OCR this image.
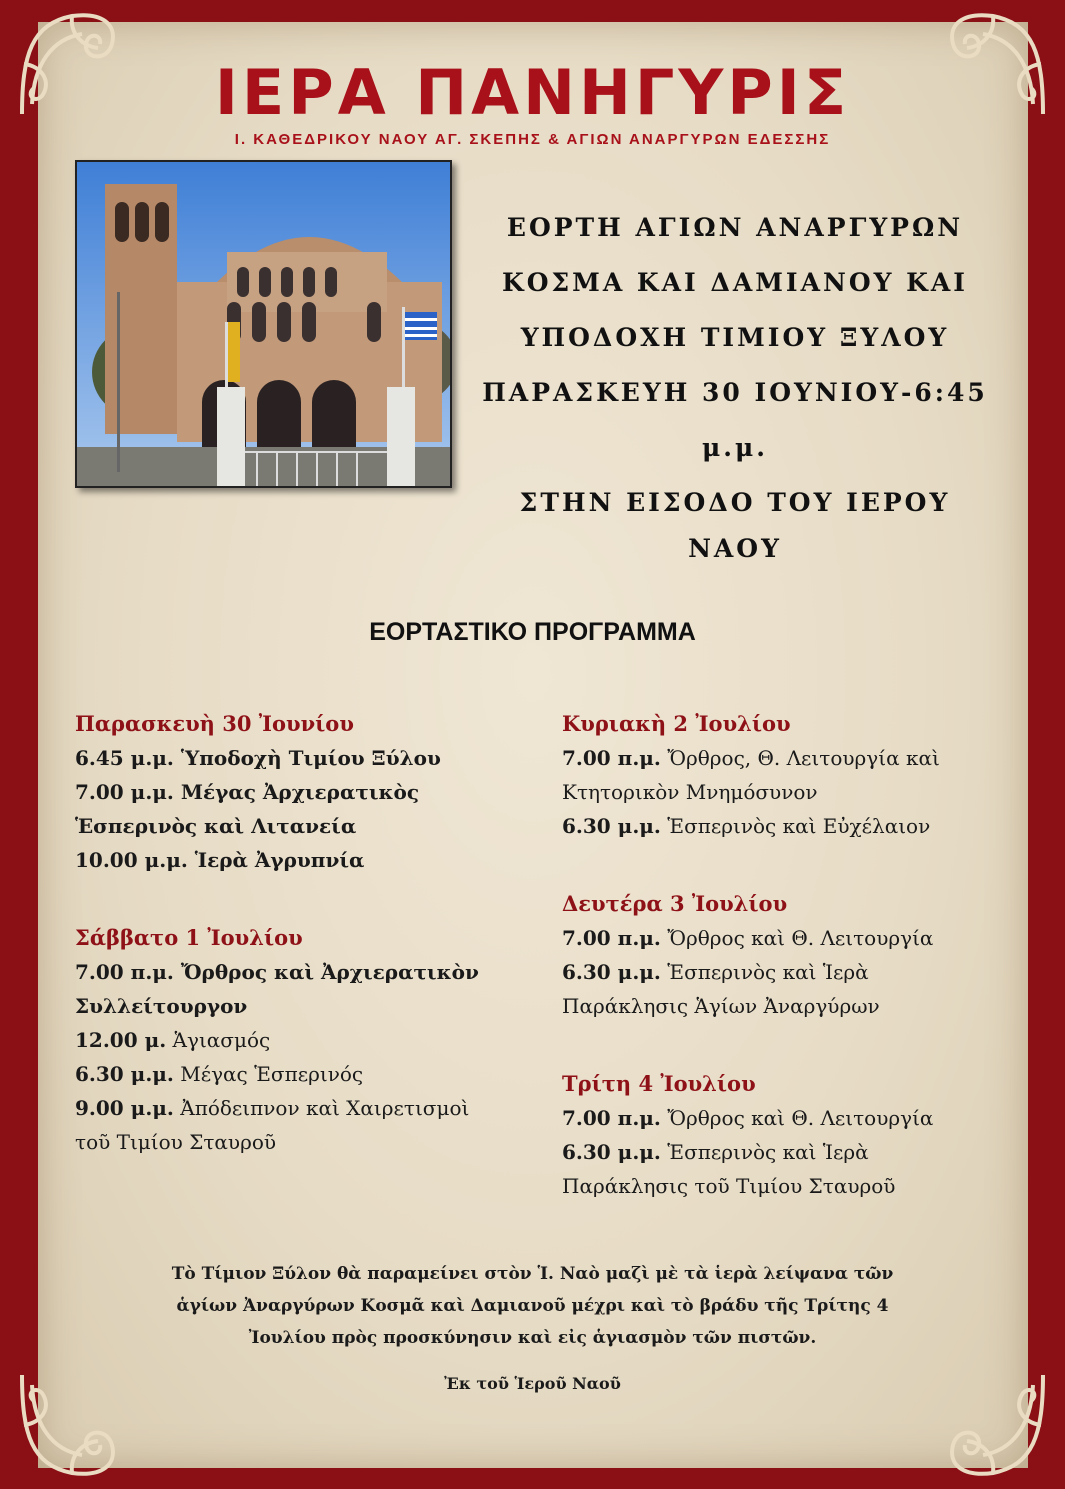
ΙΕΡΑ ΠΑΝΗΓΥΡΙΣ
Ι. ΚΑΘΕΔΡΙΚΟΥ ΝΑΟΥ ΑΓ. ΣΚΕΠΗΣ & ΑΓΙΩΝ ΑΝΑΡΓΥΡΩΝ ΕΔΕΣΣΗΣ
ΕΟΡΤΗ ΑΓΙΩΝ ΑΝΑΡΓΥΡΩΝ
ΚΟΣΜΑ ΚΑΙ ΔΑΜΙΑΝΟΥ ΚΑΙ
ΥΠΟΔΟΧΗ ΤΙΜΙΟΥ ΞΥΛΟΥ
ΠΑΡΑΣΚΕΥΗ 30 ΙΟΥΝΙΟΥ-6:45
μ.μ.
ΣΤΗΝ ΕΙΣΟΔΟ ΤΟΥ ΙΕΡΟΥ ΝΑΟΥ
ΕΟΡΤΑΣΤΙΚΟ ΠΡΟΓΡΑΜΜΑ
Παρασκευὴ 30 Ἰουνίου
6.45 μ.μ. Ὑποδοχὴ Τιμίου Ξύλου
7.00 μ.μ. Μέγας Ἀρχιερατικὸς
Ἑσπερινὸς καὶ Λιτανεία
10.00 μ.μ. Ἱερὰ Ἀγρυπνία
Σάββατο 1 Ἰουλίου
7.00 π.μ. Ὄρθρος καὶ Ἀρχιερατικὸν
Συλλείτουργον
12.00 μ. Ἁγιασμός
6.30 μ.μ. Μέγας Ἑσπερινός
9.00 μ.μ. Ἀπόδειπνον καὶ Χαιρετισμοὶ
τοῦ Τιμίου Σταυροῦ
Κυριακὴ 2 Ἰουλίου
7.00 π.μ. Ὄρθρος, Θ. Λειτουργία καὶ
Κτητορικὸν Μνημόσυνον
6.30 μ.μ. Ἑσπερινὸς καὶ Εὐχέλαιον
Δευτέρα 3 Ἰουλίου
7.00 π.μ. Ὄρθρος καὶ Θ. Λειτουργία
6.30 μ.μ. Ἑσπερινὸς καὶ Ἱερὰ
Παράκλησις Ἁγίων Ἀναργύρων
Τρίτη 4 Ἰουλίου
7.00 π.μ. Ὄρθρος καὶ Θ. Λειτουργία
6.30 μ.μ. Ἑσπερινὸς καὶ Ἱερὰ
Παράκλησις τοῦ Τιμίου Σταυροῦ
Τὸ Τίμιον Ξύλον θὰ παραμείνει στὸν Ἱ. Ναὸ μαζὶ μὲ τὰ ἱερὰ λείψανα τῶν
ἁγίων Ἀναργύρων Κοσμᾶ καὶ Δαμιανοῦ μέχρι καὶ τὸ βράδυ τῆς Τρίτης 4
Ἰουλίου πρὸς προσκύνησιν καὶ εἰς ἁγιασμὸν τῶν πιστῶν.
Ἐκ τοῦ Ἱεροῦ Ναοῦ
